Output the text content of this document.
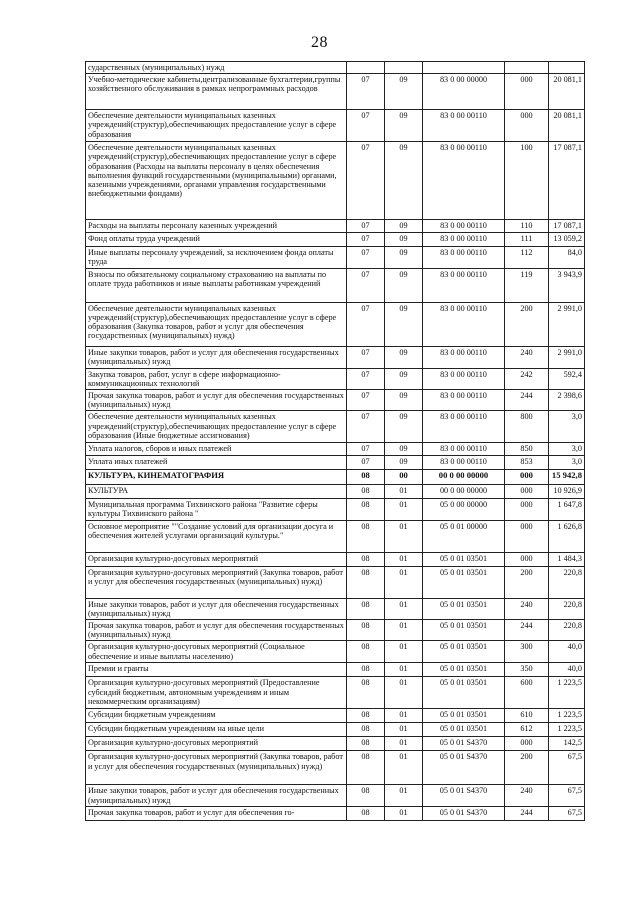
28
сударственных (муниципальных) нужд					
Учебно-методические кабинеты,централизованные бухгалтерии,группы хозяйственного обслуживания в рамках непрограммных расходов	07	09	83 0 00 00000	000	20 081,1
Обеспечение деятельности муниципальных казенных учреждений(структур),обеспечивающих предоставление услуг в сфере образования	07	09	83 0 00 00110	000	20 081,1
Обеспечение деятельности муниципальных казенных учреждений(структур),обеспечивающих предоставление услуг в сфере образования (Расходы на выплаты персоналу в целях обеспечения выполнения функций государственными (муниципальными) органами, казенными учреждениями, органами управления государственными внебюджетными фондами)	07	09	83 0 00 00110	100	17 087,1
Расходы на выплаты персоналу казенных учреждений	07	09	83 0 00 00110	110	17 087,1
Фонд оплаты труда учреждений	07	09	83 0 00 00110	111	13 059,2
Иные выплаты персоналу учреждений, за исключением фонда оплаты труда	07	09	83 0 00 00110	112	84,0
Взносы по обязательному социальному страхованию на выплаты по оплате труда работников и иные выплаты работникам учреждений	07	09	83 0 00 00110	119	3 943,9
Обеспечение деятельности муниципальных казенных учреждений(структур),обеспечивающих предоставление услуг в сфере образования (Закупка товаров, работ и услуг для обеспечения государственных (муниципальных) нужд)	07	09	83 0 00 00110	200	2 991,0
Иные закупки товаров, работ и услуг для обеспечения государственных (муниципальных) нужд	07	09	83 0 00 00110	240	2 991,0
Закупка товаров, работ, услуг в сфере информационно-коммуникационных технологий	07	09	83 0 00 00110	242	592,4
Прочая закупка товаров, работ и услуг для обеспечения государственных (муниципальных) нужд	07	09	83 0 00 00110	244	2 398,6
Обеспечение деятельности муниципальных казенных учреждений(структур),обеспечивающих предоставление услуг в сфере образования (Иные бюджетные ассигнования)	07	09	83 0 00 00110	800	3,0
Уплата налогов, сборов и иных платежей	07	09	83 0 00 00110	850	3,0
Уплата иных платежей	07	09	83 0 00 00110	853	3,0
КУЛЬТУРА, КИНЕМАТОГРАФИЯ	08	00	00 0 00 00000	000	15 942,8
КУЛЬТУРА	08	01	00 0 00 00000	000	10 926,9
Муниципальная программа Тихвинского района "Развитие сферы культуры Тихвинского района "	08	01	05 0 00 00000	000	1 647,8
Основное мероприятие ""Создание условий для организации досуга и обеспечения жителей услугами организаций культуры."	08	01	05 0 01 00000	000	1 626,8
Организация культурно-досуговых мероприятий	08	01	05 0 01 03501	000	1 484,3
Организация культурно-досуговых мероприятий (Закупка товаров, работ и услуг для обеспечения государственных (муниципальных) нужд)	08	01	05 0 01 03501	200	220,8
Иные закупки товаров, работ и услуг для обеспечения государственных (муниципальных) нужд	08	01	05 0 01 03501	240	220,8
Прочая закупка товаров, работ и услуг для обеспечения государственных (муниципальных) нужд	08	01	05 0 01 03501	244	220,8
Организация культурно-досуговых мероприятий (Социальное обеспечение и иные выплаты населению)	08	01	05 0 01 03501	300	40,0
Премии и гранты	08	01	05 0 01 03501	350	40,0
Организация культурно-досуговых мероприятий (Предоставление субсидий бюджетным, автономным учреждениям и иным некоммерческим организациям)	08	01	05 0 01 03501	600	1 223,5
Субсидии бюджетным учреждениям	08	01	05 0 01 03501	610	1 223,5
Субсидии бюджетным учреждениям на иные цели	08	01	05 0 01 03501	612	1 223,5
Организация культурно-досуговых мероприятий	08	01	05 0 01 S4370	000	142,5
Организация культурно-досуговых мероприятий (Закупка товаров, работ и услуг для обеспечения государственных (муниципальных) нужд)	08	01	05 0 01 S4370	200	67,5
Иные закупки товаров, работ и услуг для обеспечения государственных (муниципальных) нужд	08	01	05 0 01 S4370	240	67,5
Прочая закупка товаров, работ и услуг для обеспечения го-	08	01	05 0 01 S4370	244	67,5
